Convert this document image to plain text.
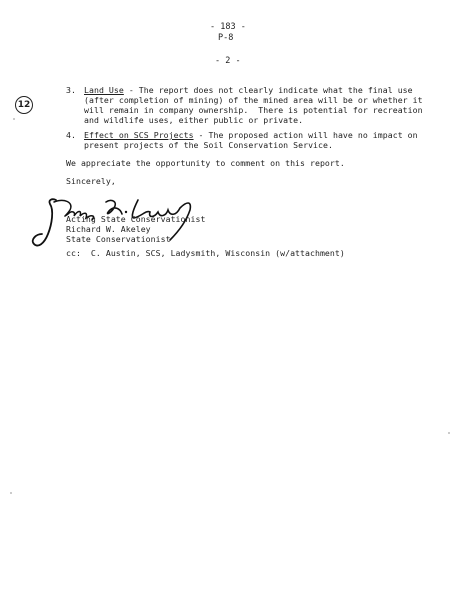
- 183 -
P-8
- 2 -
12
3. Land Use - The report does not clearly indicate what the final use
(after completion of mining) of the mined area will be or whether it
will remain in company ownership.  There is potential for recreation
and wildlife uses, either public or private.
4. Effect on SCS Projects - The proposed action will have no impact on
present projects of the Soil Conservation Service.
We appreciate the opportunity to comment on this report.
Sincerely,
Acting State Conservationist
Richard W. Akeley
State Conservationist
cc:  C. Austin, SCS, Ladysmith, Wisconsin (w/attachment)
